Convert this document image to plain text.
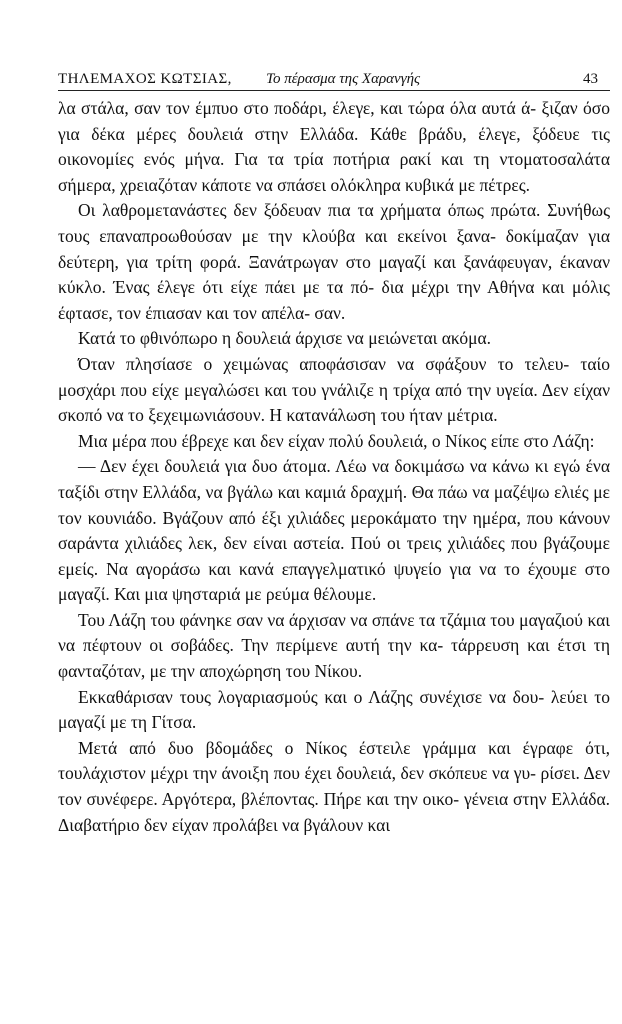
ΤΗΛΕΜΑΧΟΣ ΚΩΤΣΙΑΣ, Το πέρασμα της Χαρανγής	43

λα στάλα, σαν τον έμπυο στο ποδάρι, έλεγε, και τώρα όλα αυτά ά- ξιζαν όσο για δέκα μέρες δουλειά στην Ελλάδα. Κάθε βράδυ, έλεγε, ξόδευε τις οικονομίες ενός μήνα. Για τα τρία ποτήρια ρακί και τη ντοματοσαλάτα σήμερα, χρειαζόταν κάποτε να σπάσει ολόκληρα κυβικά με πέτρες.

Οι λαθρομετανάστες δεν ξόδευαν πια τα χρήματα όπως πρώτα. Συνήθως τους επαναπροωθούσαν με την κλούβα και εκείνοι ξανα- δοκίμαζαν για δεύτερη, για τρίτη φορά. Ξανάτρωγαν στο μαγαζί και ξανάφευγαν, έκαναν κύκλο. Ένας έλεγε ότι είχε πάει με τα πό- δια μέχρι την Αθήνα και μόλις έφτασε, τον έπιασαν και τον απέλα- σαν.

Κατά το φθινόπωρο η δουλειά άρχισε να μειώνεται ακόμα.

Όταν πλησίασε ο χειμώνας αποφάσισαν να σφάξουν το τελευ- ταίο μοσχάρι που είχε μεγαλώσει και του γνάλιζε η τρίχα από την υγεία. Δεν είχαν σκοπό να το ξεχειμωνιάσουν. Η κατανάλωση του ήταν μέτρια.

Μια μέρα που έβρεχε και δεν είχαν πολύ δουλειά, ο Νίκος είπε στο Λάζη:

— Δεν έχει δουλειά για δυο άτομα. Λέω να δοκιμάσω να κάνω κι εγώ ένα ταξίδι στην Ελλάδα, να βγάλω και καμιά δραχμή. Θα πάω να μαζέψω ελιές με τον κουνιάδο. Βγάζουν από έξι χιλιάδες μεροκάματο την ημέρα, που κάνουν σαράντα χιλιάδες λεκ, δεν είναι αστεία. Πού οι τρεις χιλιάδες που βγάζουμε εμείς. Να αγοράσω και κανά επαγγελματικό ψυγείο για να το έχουμε στο μαγαζί. Και μια ψησταριά με ρεύμα θέλουμε.

Του Λάζη του φάνηκε σαν να άρχισαν να σπάνε τα τζάμια του μαγαζιού και να πέφτουν οι σοβάδες. Την περίμενε αυτή την κα- τάρρευση και έτσι τη φανταζόταν, με την αποχώρηση του Νίκου.

Εκκαθάρισαν τους λογαριασμούς και ο Λάζης συνέχισε να δου- λεύει το μαγαζί με τη Γίτσα.

Μετά από δυο βδομάδες ο Νίκος έστειλε γράμμα και έγραφε ότι, τουλάχιστον μέχρι την άνοιξη που έχει δουλειά, δεν σκόπευε να γυ- ρίσει. Δεν τον συνέφερε. Αργότερα, βλέποντας. Πήρε και την οικο- γένεια στην Ελλάδα. Διαβατήριο δεν είχαν προλάβει να βγάλουν και
